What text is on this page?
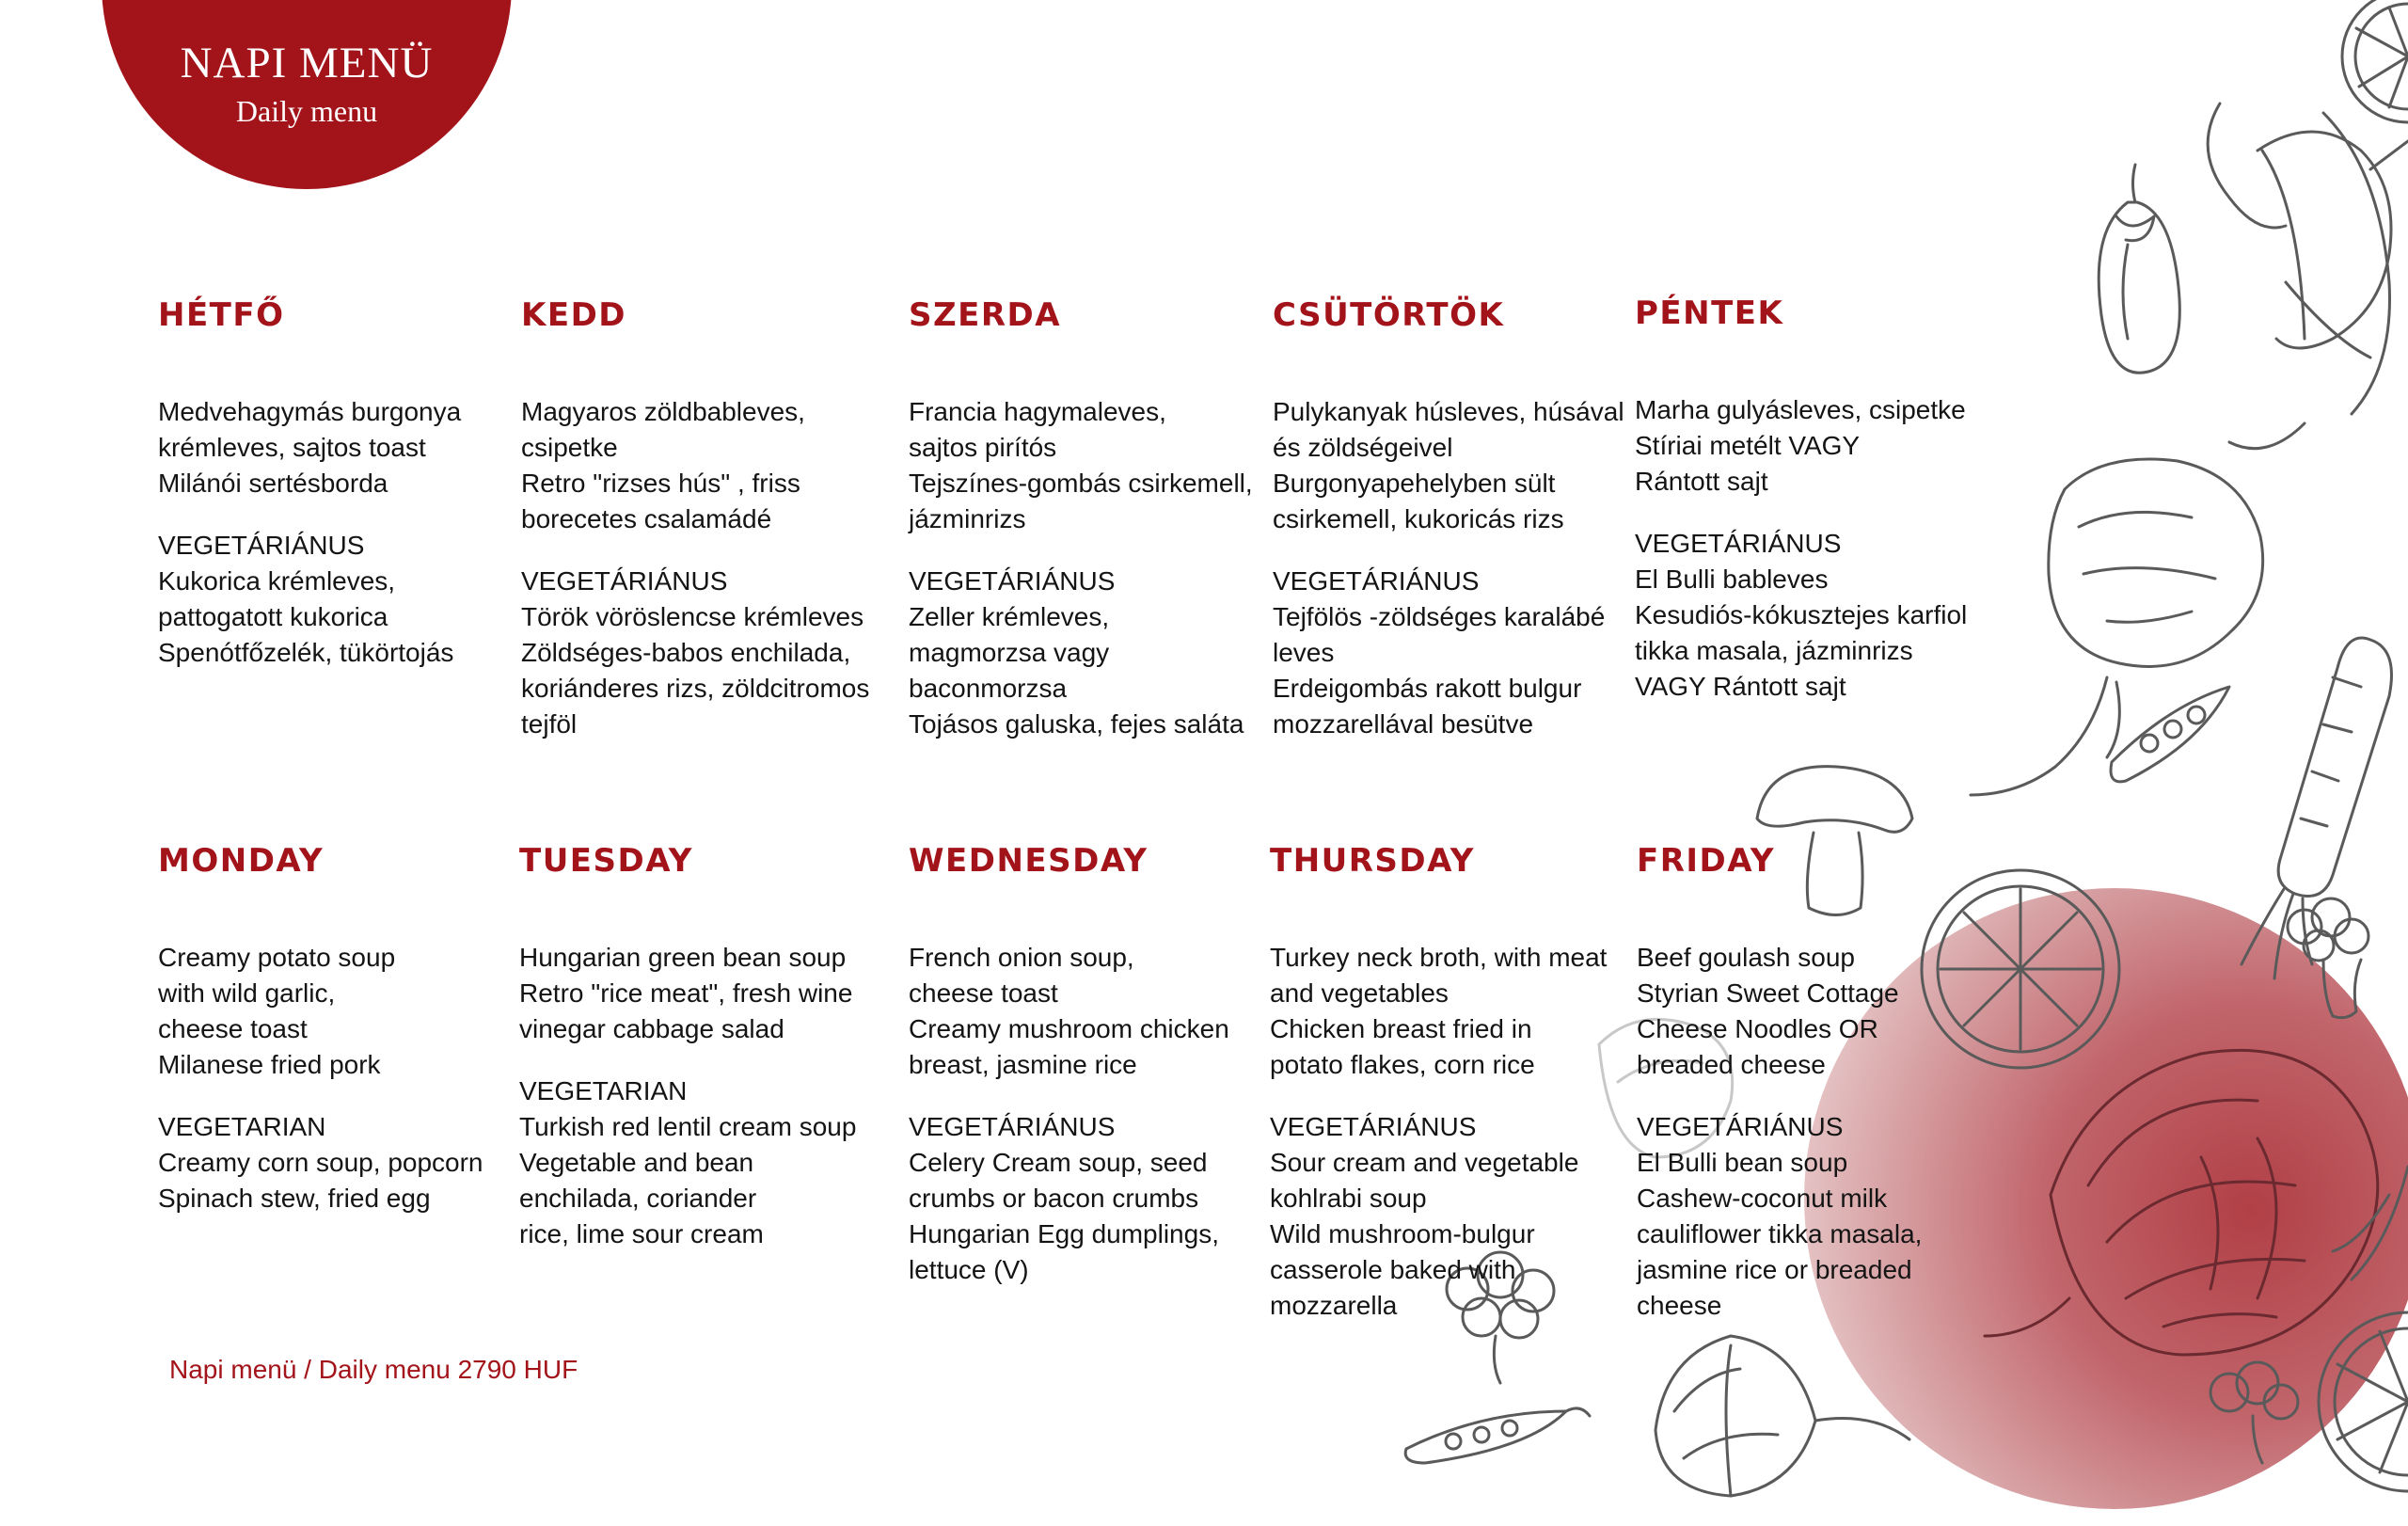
NAPI MENÜ
Daily menu
HÉTFŐ
Medvehagymás burgonya
krémleves, sajtos toast
Milánói sertésborda
VEGETÁRIÁNUS
Kukorica krémleves,
pattogatott kukorica
Spenótfőzelék, tükörtojás
KEDD
Magyaros zöldbableves,
csipetke
Retro "rizses hús" , friss
borecetes csalamádé
VEGETÁRIÁNUS
Török vöröslencse krémleves
Zöldséges-babos enchilada,
koriánderes rizs, zöldcitromos
tejföl
SZERDA
Francia hagymaleves,
sajtos pirítós
Tejszínes-gombás csirkemell,
jázminrizs
VEGETÁRIÁNUS
Zeller krémleves,
magmorzsa vagy
baconmorzsa
Tojásos galuska, fejes saláta
CSÜTÖRTÖK
Pulykanyak húsleves, húsával
és zöldségeivel
Burgonyapehelyben sült
csirkemell, kukoricás rizs
VEGETÁRIÁNUS
Tejfölös -zöldséges karalábé
leves
Erdeigombás rakott bulgur
mozzarellával besütve
PÉNTEK
Marha gulyásleves, csipetke
Stíriai metélt VAGY
Rántott sajt
VEGETÁRIÁNUS
El Bulli bableves
Kesudiós-kókusztejes karfiol
tikka masala, jázminrizs
VAGY Rántott sajt
MONDAY
Creamy potato soup
with wild garlic,
cheese toast
Milanese fried pork
VEGETARIAN
Creamy corn soup, popcorn
Spinach stew, fried egg
TUESDAY
Hungarian green bean soup
Retro "rice meat", fresh wine
vinegar cabbage salad
VEGETARIAN
Turkish red lentil cream soup
Vegetable and bean
enchilada, coriander
rice, lime sour cream
WEDNESDAY
French onion soup,
cheese toast
Creamy mushroom chicken
breast, jasmine rice
VEGETÁRIÁNUS
Celery Cream soup, seed
crumbs or bacon crumbs
Hungarian Egg dumplings,
lettuce (V)
THURSDAY
Turkey neck broth, with meat
and vegetables
Chicken breast fried in
potato flakes, corn rice
VEGETÁRIÁNUS
Sour cream and vegetable
kohlrabi soup
Wild mushroom-bulgur
casserole baked with
mozzarella
FRIDAY
Beef goulash soup
Styrian Sweet Cottage
Cheese Noodles OR
breaded cheese
VEGETÁRIÁNUS
El Bulli bean soup
Cashew-coconut milk
cauliflower tikka masala,
jasmine rice or breaded
cheese
Napi menü / Daily menu 2790 HUF
